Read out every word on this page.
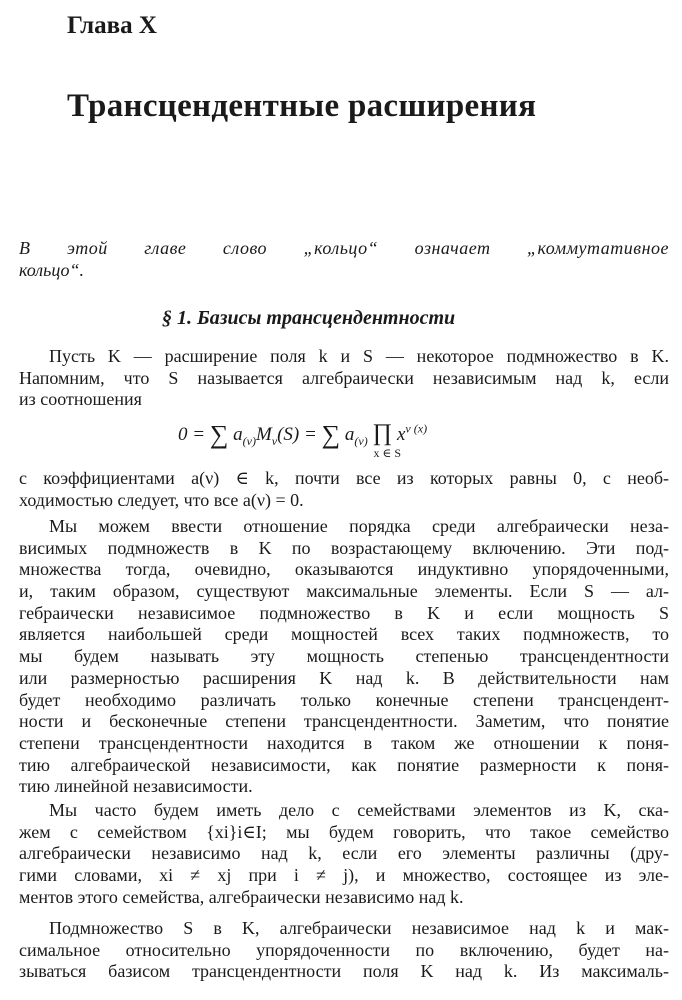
Глава X
Трансцендентные расширения
В этой главе слово „кольцо“ означает „коммутативное
кольцо“.
§ 1. Базисы трансцендентности
Пусть K — расширение поля k и S — некоторое подмножество в K.
Напомним, что S называется алгебраически независимым над k, если
из соотношения
0 = ∑ $a_{(\nu)}M_\nu(S)$ = ∑ $a_{(\nu)}$ ∏
x ∈ S
$x^{\nu (x)}$
с коэффициентами a(ν) ∈ k, почти все из которых равны 0, с необ-
ходимостью следует, что все a(ν) = 0.
Мы можем ввести отношение порядка среди алгебраически неза-
висимых подмножеств в K по возрастающему включению. Эти под-
множества тогда, очевидно, оказываются индуктивно упорядоченными,
и, таким образом, существуют максимальные элементы. Если S — ал-
гебраически независимое подмножество в K и если мощность S
является наибольшей среди мощностей всех таких подмножеств, то
мы будем называть эту мощность степенью трансцендентности
или размерностью расширения K над k. В действительности нам
будет необходимо различать только конечные степени трансцендент-
ности и бесконечные степени трансцендентности. Заметим, что понятие
степени трансцендентности находится в таком же отношении к поня-
тию алгебраической независимости, как понятие размерности к поня-
тию линейной независимости.
Мы часто будем иметь дело с семействами элементов из K, ска-
жем с семейством {xi}i∈I; мы будем говорить, что такое семейство
алгебраически независимо над k, если его элементы различны (дру-
гими словами, xi ≠ xj при i ≠ j), и множество, состоящее из эле-
ментов этого семейства, алгебраически независимо над k.
Подмножество S в K, алгебраически независимое над k и мак-
симальное относительно упорядоченности по включению, будет на-
зываться базисом трансцендентности поля K над k. Из максималь-
